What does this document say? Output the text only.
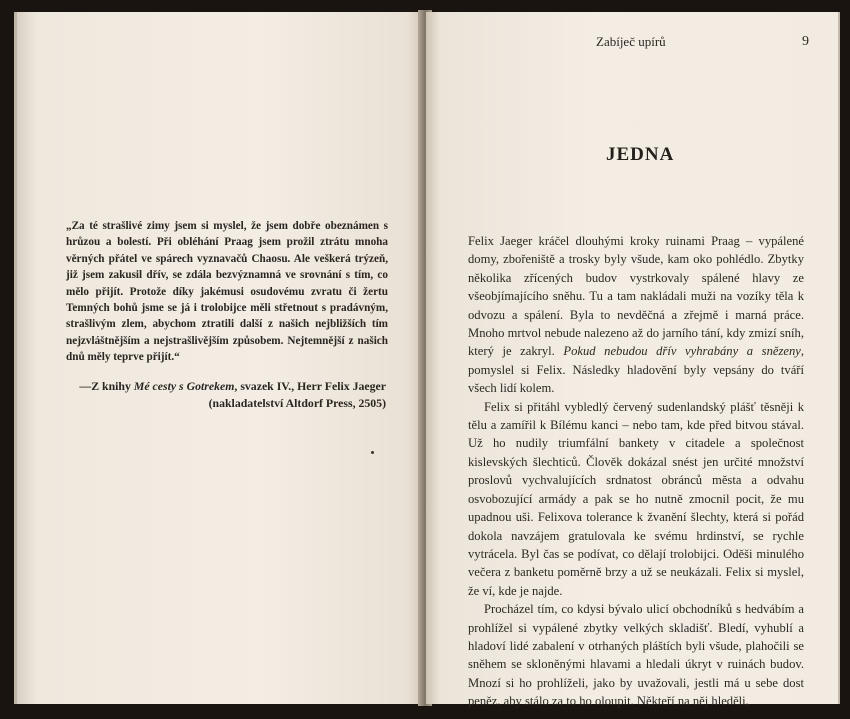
„Za té strašlivé zimy jsem si myslel, že jsem dobře obeznámen s hrůzou a bolestí. Při obléhání Praag jsem prožil ztrátu mnoha věrných přátel ve spárech vyznavačů Chaosu. Ale veškerá trýzeň, již jsem zakusil dřív, se zdála bezvýznamná ve srovnání s tím, co mělo přijít. Protože díky jakémusi osudovému zvratu či žertu Temných bohů jsme se já i trolobijce měli střetnout s pradávným, strašlivým zlem, abychom ztratili další z našich nejbližších tím nejzvláštnějším a nejstrašlivějším způsobem. Nejtemnější z našich dnů měly teprve přijít.“
—Z knihy Mé cesty s Gotrekem, svazek IV., Herr Felix Jaeger
(nakladatelství Altdorf Press, 2505)
Zabíječ upírů	9
JEDNA

Felix Jaeger kráčel dlouhými kroky ruinami Praag – vypálené domy, zbořeniště a trosky byly všude, kam oko pohlédlo. Zbytky několika zřícených budov vystrkovaly spálené hlavy ze všeobjímajícího sněhu. Tu a tam nakládali muži na vozíky těla k odvozu a spálení. Byla to nevděčná a zřejmě i marná práce. Mnoho mrtvol nebude nalezeno až do jarního tání, kdy zmizí sníh, který je zakryl. Pokud nebudou dřív vyhrabány a snězeny, pomyslel si Felix. Následky hladovění byly vepsány do tváří všech lidí kolem.

Felix si přitáhl vybledlý červený sudenlandský plášť těsněji k tělu a zamířil k Bílému kanci – nebo tam, kde před bitvou stával. Už ho nudily triumfální bankety v citadele a společnost kislevských šlechticů. Člověk dokázal snést jen určité množství proslovů vychvalujících srdnatost obránců města a odvahu osvobozující armády a pak se ho nutně zmocnil pocit, že mu upadnou uši. Felixova tolerance k žvanění šlechty, která si pořád dokola navzájem gratulovala ke svému hrdinství, se rychle vytrácela. Byl čas se podívat, co dělají trolobijci. Oděši minulého večera z banketu poměrně brzy a už se neukázali. Felix si myslel, že ví, kde je najde.

Procházel tím, co kdysi bývalo ulicí obchodníků s hedvábím a prohlížel si vypálené zbytky velkých skladišť. Bledí, vyhublí a hladoví lidé zabalení v otrhaných pláštích byli všude, plahočili se sněhem se skloněnými hlavami a hledali úkryt v ruinách budov. Mnozí si ho prohlíželi, jako by uvažovali, jestli má u sebe dost peněz, aby stálo za to ho oloupit. Někteří na něj hleděli,
